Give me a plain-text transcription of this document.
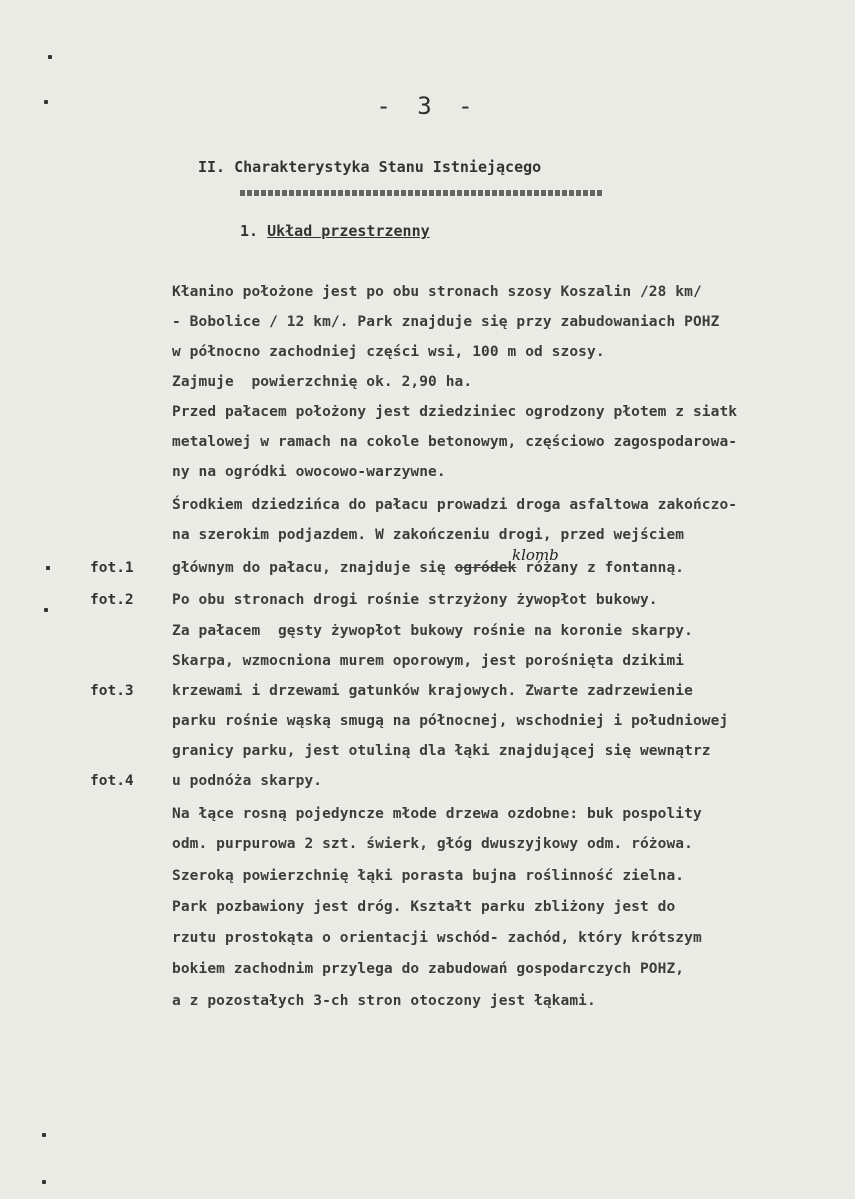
- 3 -
II. Charakterystyka Stanu Istniejącego
1. Układ przestrzenny
Kłanino położone jest po obu stronach szosy Koszalin /28 km/
- Bobolice / 12 km/. Park znajduje się przy zabudowaniach POHZ
w północno zachodniej części wsi, 100 m od szosy.
Zajmuje  powierzchnię ok. 2,90 ha.
Przed pałacem położony jest dziedziniec ogrodzony płotem z siatk
metalowej w ramach na cokole betonowym, częściowo zagospodarowa-
ny na ogródki owocowo-warzywne.
Środkiem dziedzińca do pałacu prowadzi droga asfaltowa zakończo-
na szerokim podjazdem. W zakończeniu drogi, przed wejściem
klomb
głównym do pałacu, znajduje się ogródek różany z fontanną.
Po obu stronach drogi rośnie strzyżony żywopłot bukowy.
Za pałacem  gęsty żywopłot bukowy rośnie na koronie skarpy.
Skarpa, wzmocniona murem oporowym, jest porośnięta dzikimi
krzewami i drzewami gatunków krajowych. Zwarte zadrzewienie
parku rośnie wąską smugą na północnej, wschodniej i południowej
granicy parku, jest otuliną dla łąki znajdującej się wewnątrz
u podnóża skarpy.
Na łące rosną pojedyncze młode drzewa ozdobne: buk pospolity
odm. purpurowa 2 szt. świerk, głóg dwuszyjkowy odm. różowa.
Szeroką powierzchnię łąki porasta bujna roślinność zielna.
Park pozbawiony jest dróg. Kształt parku zbliżony jest do
rzutu prostokąta o orientacji wschód- zachód, który krótszym
bokiem zachodnim przylega do zabudowań gospodarczych POHZ,
a z pozostałych 3-ch stron otoczony jest łąkami.
fot.1
fot.2
fot.3
fot.4
